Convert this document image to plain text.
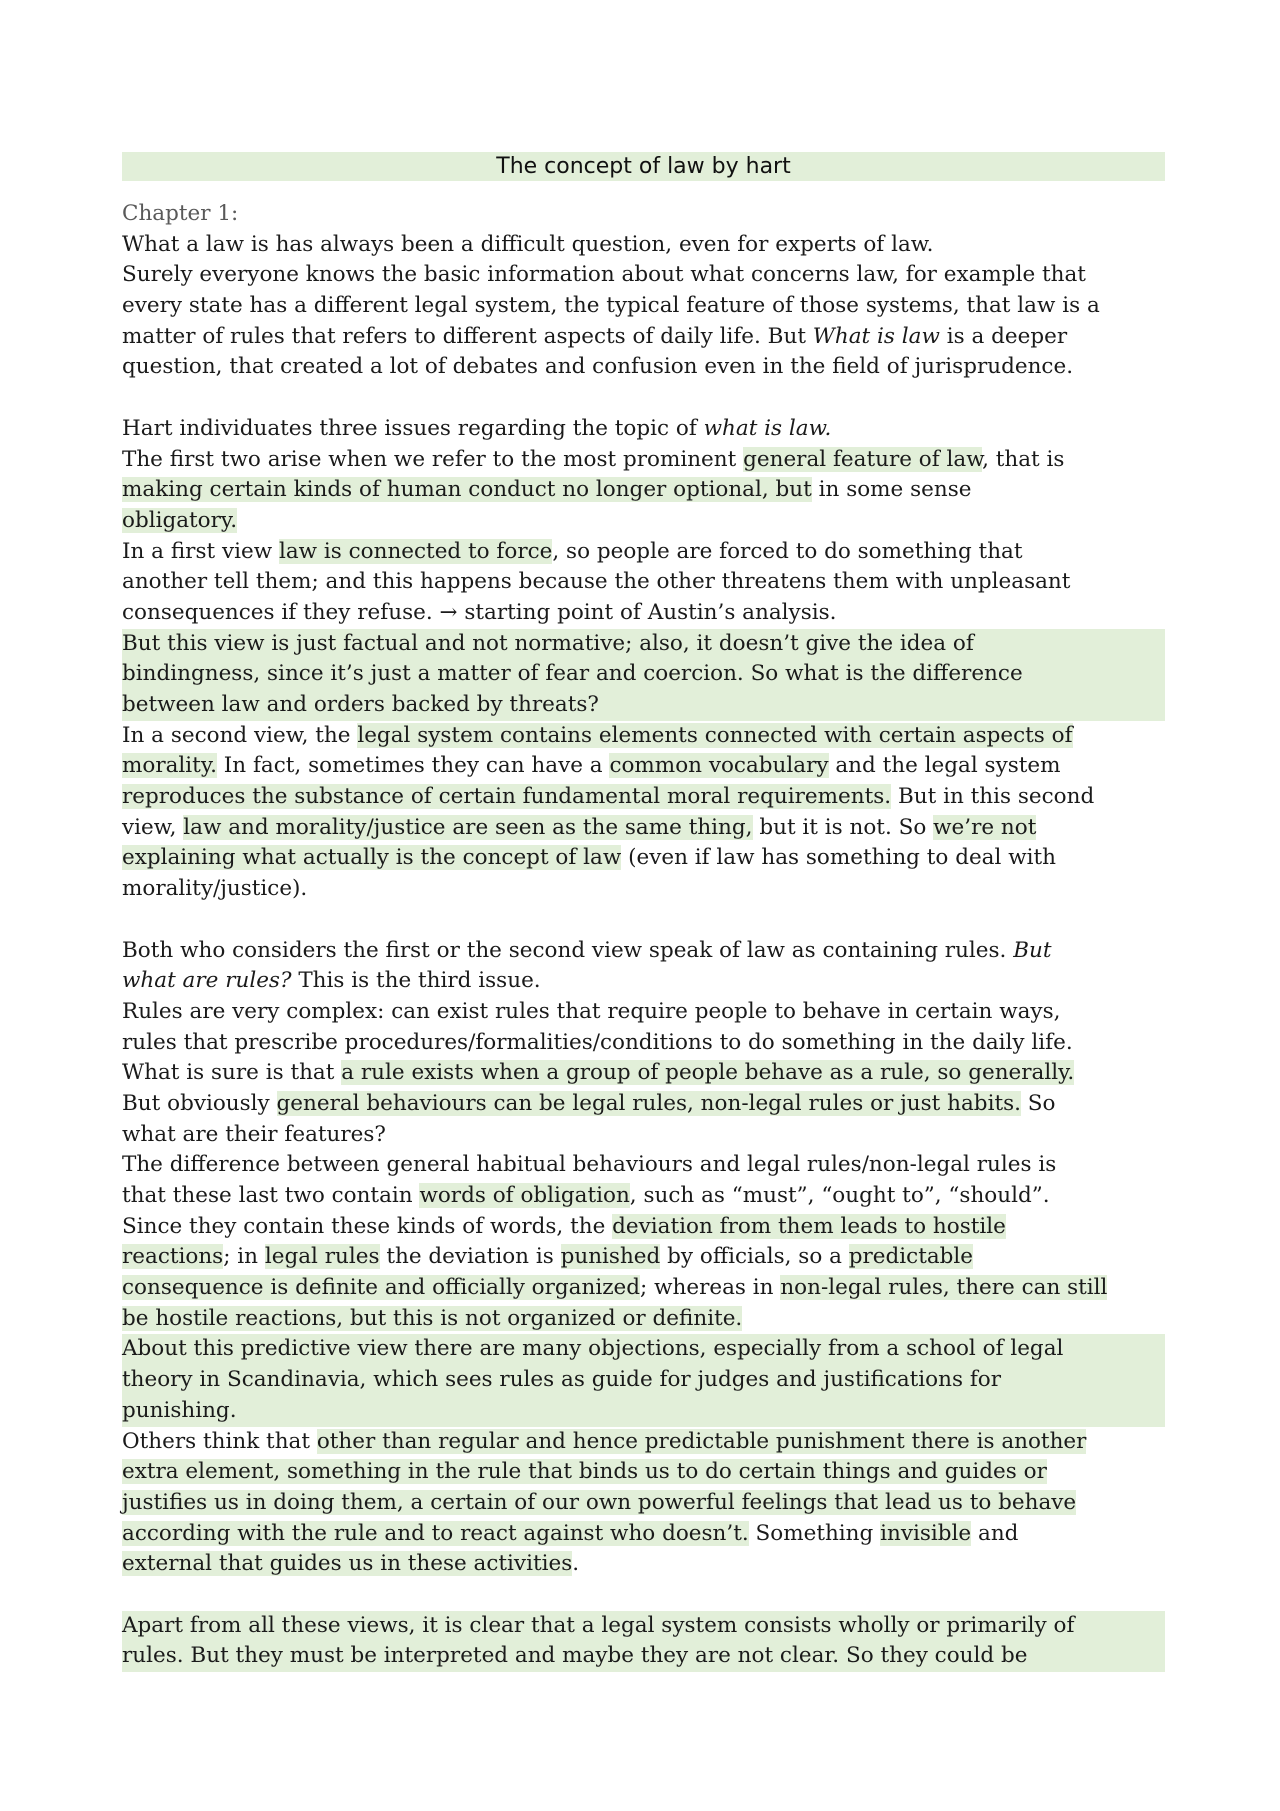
The concept of law by hart
Chapter 1:
What a law is has always been a difficult question, even for experts of law.
Surely everyone knows the basic information about what concerns law, for example that
every state has a different legal system, the typical feature of those systems, that law is a
matter of rules that refers to different aspects of daily life. But What is law is a deeper
question, that created a lot of debates and confusion even in the field of jurisprudence.
Hart individuates three issues regarding the topic of what is law.
The first two arise when we refer to the most prominent general feature of law, that is
making certain kinds of human conduct no longer optional, but in some sense
obligatory.
In a first view law is connected to force, so people are forced to do something that
another tell them; and this happens because the other threatens them with unpleasant
consequences if they refuse. → starting point of Austin’s analysis.
But this view is just factual and not normative; also, it doesn’t give the idea of
bindingness, since it’s just a matter of fear and coercion. So what is the difference
between law and orders backed by threats?
In a second view, the legal system contains elements connected with certain aspects of
morality. In fact, sometimes they can have a common vocabulary and the legal system
reproduces the substance of certain fundamental moral requirements. But in this second
view, law and morality/justice are seen as the same thing, but it is not. So we’re not
explaining what actually is the concept of law (even if law has something to deal with
morality/justice).
Both who considers the first or the second view speak of law as containing rules. But
what are rules? This is the third issue.
Rules are very complex: can exist rules that require people to behave in certain ways,
rules that prescribe procedures/formalities/conditions to do something in the daily life.
What is sure is that a rule exists when a group of people behave as a rule, so generally.
But obviously general behaviours can be legal rules, non-legal rules or just habits. So
what are their features?
The difference between general habitual behaviours and legal rules/non-legal rules is
that these last two contain words of obligation, such as “must”, “ought to”, “should”.
Since they contain these kinds of words, the deviation from them leads to hostile
reactions; in legal rules the deviation is punished by officials, so a predictable
consequence is definite and officially organized; whereas in non-legal rules, there can still
be hostile reactions, but this is not organized or definite.
About this predictive view there are many objections, especially from a school of legal
theory in Scandinavia, which sees rules as guide for judges and justifications for
punishing.
Others think that other than regular and hence predictable punishment there is another
extra element, something in the rule that binds us to do certain things and guides or
justifies us in doing them, a certain of our own powerful feelings that lead us to behave
according with the rule and to react against who doesn’t. Something invisible and
external that guides us in these activities.
Apart from all these views, it is clear that a legal system consists wholly or primarily of
rules. But they must be interpreted and maybe they are not clear. So they could be
